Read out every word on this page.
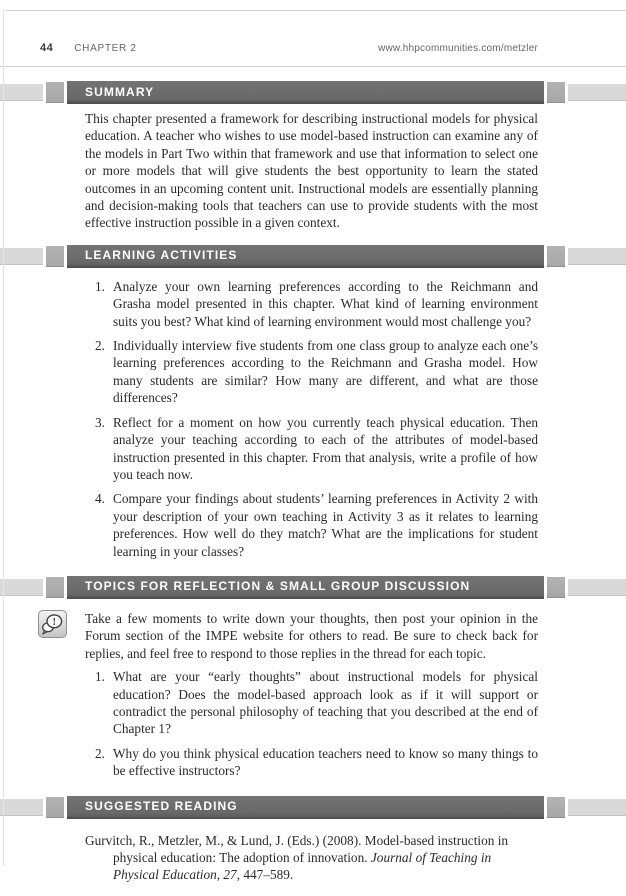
44 CHAPTER 2	www.hhpcommunities.com/metzler
SUMMARY

This chapter presented a framework for describing instructional models for physical education. A teacher who wishes to use model-based instruction can examine any of the models in Part Two within that framework and use that information to select one or more models that will give students the best opportunity to learn the stated outcomes in an upcoming content unit. Instructional models are essentially planning and decision-making tools that teachers can use to provide students with the most effective instruction possible in a given context.

LEARNING ACTIVITIES
1. Analyze your own learning preferences according to the Reichmann and Grasha model presented in this chapter. What kind of learning environment suits you best? What kind of learning environment would most challenge you?
2. Individually interview five students from one class group to analyze each one’s learning preferences according to the Reichmann and Grasha model. How many students are similar? How many are different, and what are those differences?
3. Reflect for a moment on how you currently teach physical education. Then analyze your teaching according to each of the attributes of model-based instruction presented in this chapter. From that analysis, write a profile of how you teach now.
4. Compare your findings about students’ learning preferences in Activity 2 with your description of your own teaching in Activity 3 as it relates to learning preferences. How well do they match? What are the implications for student learning in your classes?
TOPICS FOR REFLECTION & SMALL GROUP DISCUSSION
! Take a few moments to write down your thoughts, then post your opinion in the Forum section of the IMPE website for others to read. Be sure to check back for replies, and feel free to respond to those replies in the thread for each topic.

1. What are your “early thoughts” about instructional models for physical education? Does the model-based approach look as if it will support or contradict the personal philosophy of teaching that you described at the end of Chapter 1?
2. Why do you think physical education teachers need to know so many things to be effective instructors?
SUGGESTED READING

Gurvitch, R., Metzler, M., & Lund, J. (Eds.) (2008). Model-based instruction in physical education: The adoption of innovation. Journal of Teaching in Physical Education, 27, 447–589.
